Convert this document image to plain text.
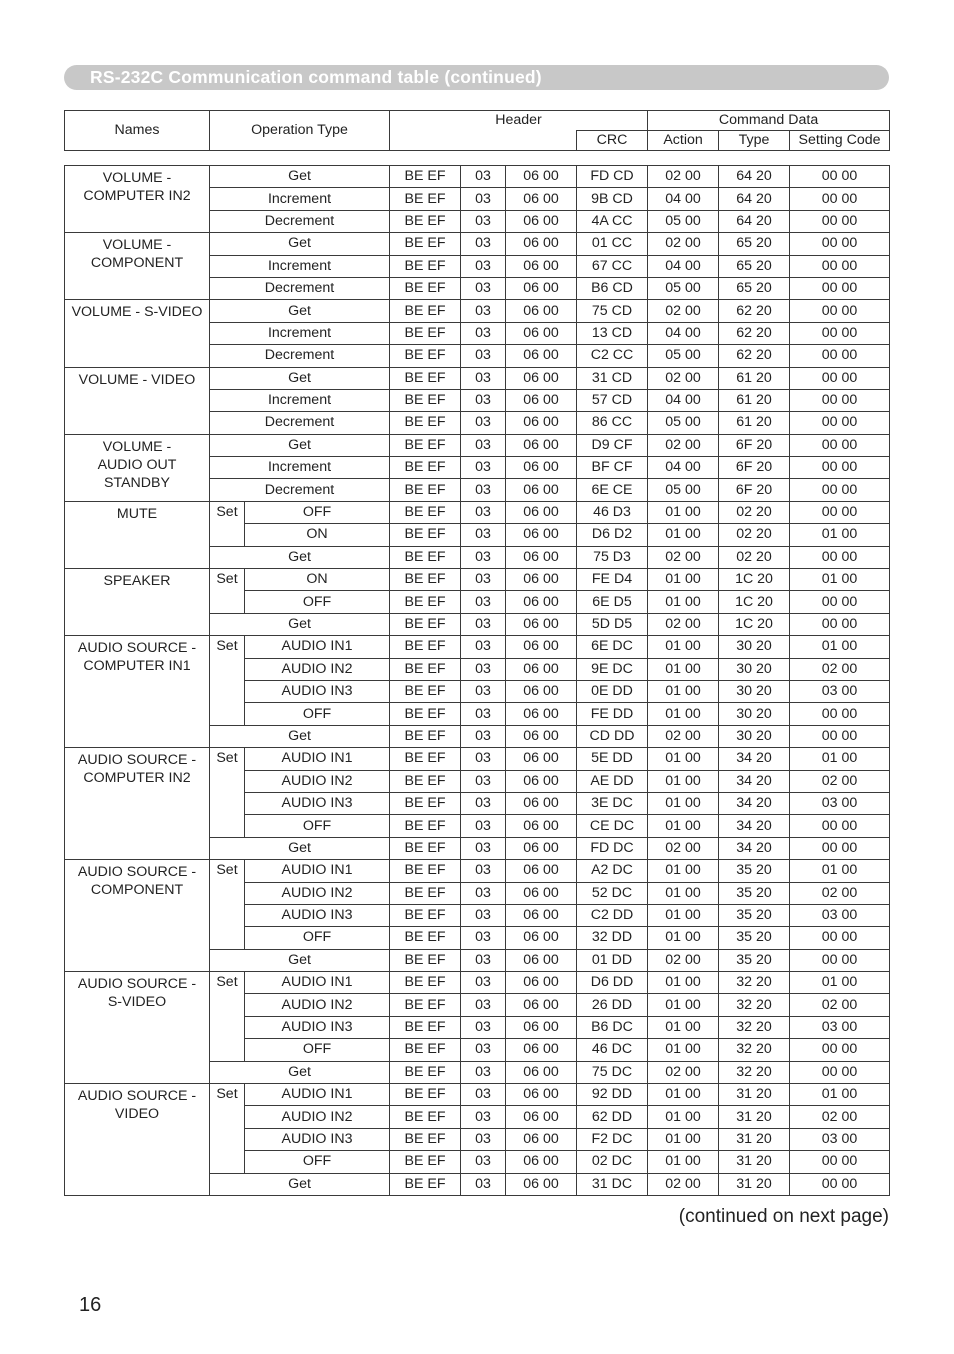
RS-232C Communication command table (continued)
Names	Operation Type	Header		Command Data		
			CRC	Action	Type	Setting Code
VOLUME -
COMPUTER IN2	Get		BE EF	03	06 00	FD CD	02 00	64 20	00 00
	Increment		BE EF	03	06 00	9B CD	04 00	64 20	00 00
	Decrement		BE EF	03	06 00	4A CC	05 00	64 20	00 00
VOLUME -
COMPONENT	Get		BE EF	03	06 00	01 CC	02 00	65 20	00 00
	Increment		BE EF	03	06 00	67 CC	04 00	65 20	00 00
	Decrement		BE EF	03	06 00	B6 CD	05 00	65 20	00 00
VOLUME - S-VIDEO	Get		BE EF	03	06 00	75 CD	02 00	62 20	00 00
	Increment		BE EF	03	06 00	13 CD	04 00	62 20	00 00
	Decrement		BE EF	03	06 00	C2 CC	05 00	62 20	00 00
VOLUME - VIDEO	Get		BE EF	03	06 00	31 CD	02 00	61 20	00 00
	Increment		BE EF	03	06 00	57 CD	04 00	61 20	00 00
	Decrement		BE EF	03	06 00	86 CC	05 00	61 20	00 00
VOLUME -
AUDIO OUT STANDBY	Get		BE EF	03	06 00	D9 CF	02 00	6F 20	00 00
	Increment		BE EF	03	06 00	BF CF	04 00	6F 20	00 00
	Decrement		BE EF	03	06 00	6E CE	05 00	6F 20	00 00
MUTE	Set	OFF	BE EF	03	06 00	46 D3	01 00	02 20	00 00
		ON	BE EF	03	06 00	D6 D2	01 00	02 20	01 00
	Get		BE EF	03	06 00	75 D3	02 00	02 20	00 00
SPEAKER	Set	ON	BE EF	03	06 00	FE D4	01 00	1C 20	01 00
		OFF	BE EF	03	06 00	6E D5	01 00	1C 20	00 00
	Get		BE EF	03	06 00	5D D5	02 00	1C 20	00 00
AUDIO SOURCE -
COMPUTER IN1	Set	AUDIO IN1	BE EF	03	06 00	6E DC	01 00	30 20	01 00
		AUDIO IN2	BE EF	03	06 00	9E DC	01 00	30 20	02 00
		AUDIO IN3	BE EF	03	06 00	0E DD	01 00	30 20	03 00
		OFF	BE EF	03	06 00	FE DD	01 00	30 20	00 00
	Get		BE EF	03	06 00	CD DD	02 00	30 20	00 00
AUDIO SOURCE -
COMPUTER IN2	Set	AUDIO IN1	BE EF	03	06 00	5E DD	01 00	34 20	01 00
		AUDIO IN2	BE EF	03	06 00	AE DD	01 00	34 20	02 00
		AUDIO IN3	BE EF	03	06 00	3E DC	01 00	34 20	03 00
		OFF	BE EF	03	06 00	CE DC	01 00	34 20	00 00
	Get		BE EF	03	06 00	FD DC	02 00	34 20	00 00
AUDIO SOURCE -
COMPONENT	Set	AUDIO IN1	BE EF	03	06 00	A2 DC	01 00	35 20	01 00
		AUDIO IN2	BE EF	03	06 00	52 DC	01 00	35 20	02 00
		AUDIO IN3	BE EF	03	06 00	C2 DD	01 00	35 20	03 00
		OFF	BE EF	03	06 00	32 DD	01 00	35 20	00 00
	Get		BE EF	03	06 00	01 DD	02 00	35 20	00 00
AUDIO SOURCE -
S-VIDEO	Set	AUDIO IN1	BE EF	03	06 00	D6 DD	01 00	32 20	01 00
		AUDIO IN2	BE EF	03	06 00	26 DD	01 00	32 20	02 00
		AUDIO IN3	BE EF	03	06 00	B6 DC	01 00	32 20	03 00
		OFF	BE EF	03	06 00	46 DC	01 00	32 20	00 00
	Get		BE EF	03	06 00	75 DC	02 00	32 20	00 00
AUDIO SOURCE -
VIDEO	Set	AUDIO IN1	BE EF	03	06 00	92 DD	01 00	31 20	01 00
		AUDIO IN2	BE EF	03	06 00	62 DD	01 00	31 20	02 00
		AUDIO IN3	BE EF	03	06 00	F2 DC	01 00	31 20	03 00
		OFF	BE EF	03	06 00	02 DC	01 00	31 20	00 00
	Get		BE EF	03	06 00	31 DC	02 00	31 20	00 00
(continued on next page)
16
